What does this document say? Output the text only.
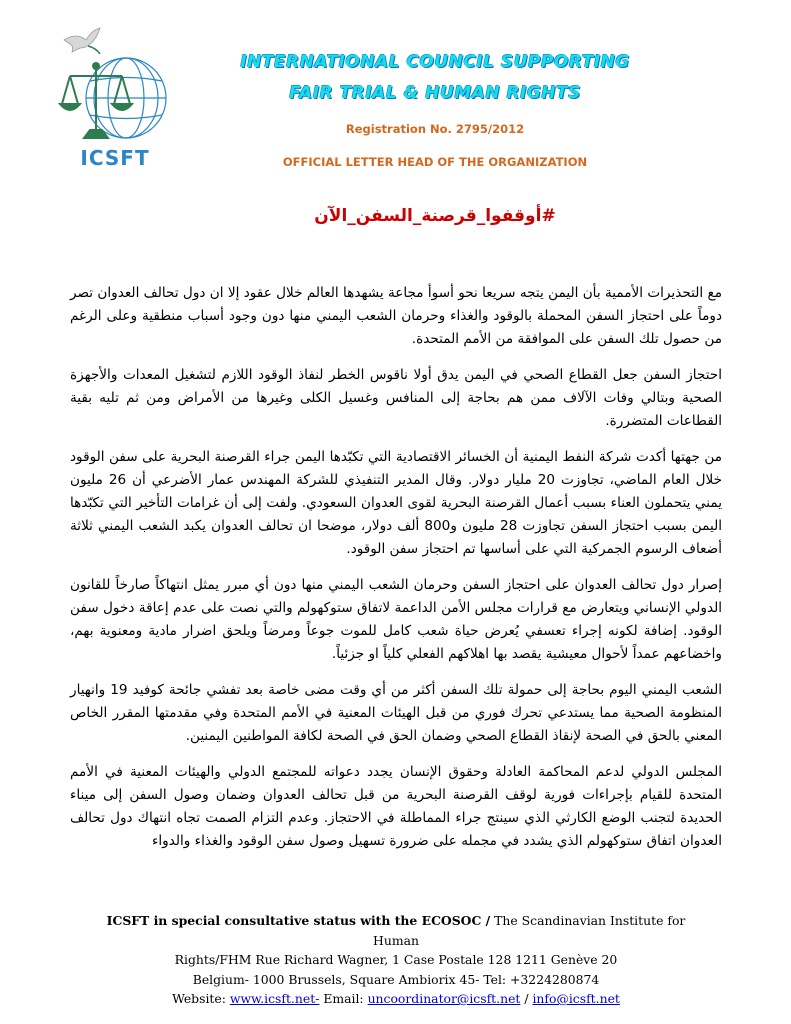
ICSFT
INTERNATIONAL COUNCIL SUPPORTING
FAIR TRIAL & HUMAN RIGHTS
Registration No. 2795/2012
OFFICIAL LETTER HEAD OF THE ORGANIZATION
#أوقفوا_قرصنة_السفن_الآن

مع التحذيرات الأممية بأن اليمن يتجه سريعا نحو أسوأ مجاعة يشهدها العالم خلال عقود إلا ان دول تحالف العدوان تصر دوماً على احتجاز السفن المحملة بالوقود والغذاء وحرمان الشعب اليمني منها دون وجود أسباب منطقية وعلى الرغم من حصول تلك السفن على الموافقة من الأمم المتحدة.

احتجاز السفن جعل القطاع الصحي في اليمن يدق أولا ناقوس الخطر لنفاذ الوقود اللازم لتشغيل المعدات والأجهزة الصحية وبتالي وفات الآلاف ممن هم بحاجة إلى المنافس وغسيل الكلى وغيرها من الأمراض ومن ثم تليه بقية القطاعات المتضررة.

من جهتها أكدت شركة النفط اليمنية أن الخسائر الاقتصادية التي تكبّدها اليمن جراء القرصنة البحرية على سفن الوقود خلال العام الماضي، تجاوزت 20 مليار دولار. وقال المدير التنفيذي للشركة المهندس عمار الأضرعي أن 26 مليون يمني يتحملون العناء بسبب أعمال القرصنة البحرية لقوى العدوان السعودي. ولفت إلى أن غرامات التأخير التي تكبّدها اليمن بسبب احتجاز السفن تجاوزت 28 مليون و800 ألف دولار، موضحا ان تحالف العدوان يكبد الشعب اليمني ثلاثة أضعاف الرسوم الجمركية التي على أساسها تم احتجاز سفن الوقود.

إصرار دول تحالف العدوان على احتجاز السفن وحرمان الشعب اليمني منها دون أي مبرر يمثل انتهاكاً صارخاً للقانون الدولي الإنساني ويتعارض مع قرارات مجلس الأمن الداعمة لاتفاق ستوكهولم والتي نصت على عدم إعاقة دخول سفن الوقود. إضافة لكونه إجراء تعسفي يُعرض حياة شعب كامل للموت جوعاً ومرضاً ويلحق اضرار مادية ومعنوية بهم، واخضاعهم عمداً لأحوال معيشية يقصد بها اهلاكهم الفعلي كلياً او جزئياً.

الشعب اليمني اليوم بحاجة إلى حمولة تلك السفن أكثر من أي وقت مضى خاصة بعد تفشي جائحة كوفيد 19 وانهيار المنظومة الصحية مما يستدعي تحرك فوري من قبل الهيئات المعنية في الأمم المتحدة وفي مقدمتها المقرر الخاص المعني بالحق في الصحة لإنقاذ القطاع الصحي وضمان الحق في الصحة لكافة المواطنين اليمنين.

المجلس الدولي لدعم المحاكمة العادلة وحقوق الإنسان يجدد دعواته للمجتمع الدولي والهيئات المعنية في الأمم المتحدة للقيام بإجراءات فورية لوقف القرصنة البحرية من قبل تحالف العدوان وضمان وصول السفن إلى ميناء الحديدة لتجنب الوضع الكارثي الذي سينتج جراء المماطلة في الاحتجاز. وعدم التزام الصمت تجاه انتهاك دول تحالف العدوان اتفاق ستوكهولم الذي يشدد في مجمله على ضرورة تسهيل وصول سفن الوقود والغذاء والدواء

ICSFT in special consultative status with the ECOSOC / The Scandinavian Institute for Human
Rights/FHM Rue Richard Wagner, 1 Case Postale 128 1211 Genève 20
Belgium- 1000 Brussels, Square Ambiorix 45- Tel: +3224280874
Website: www.icsft.net- Email: uncoordinator@icsft.net / info@icsft.net
